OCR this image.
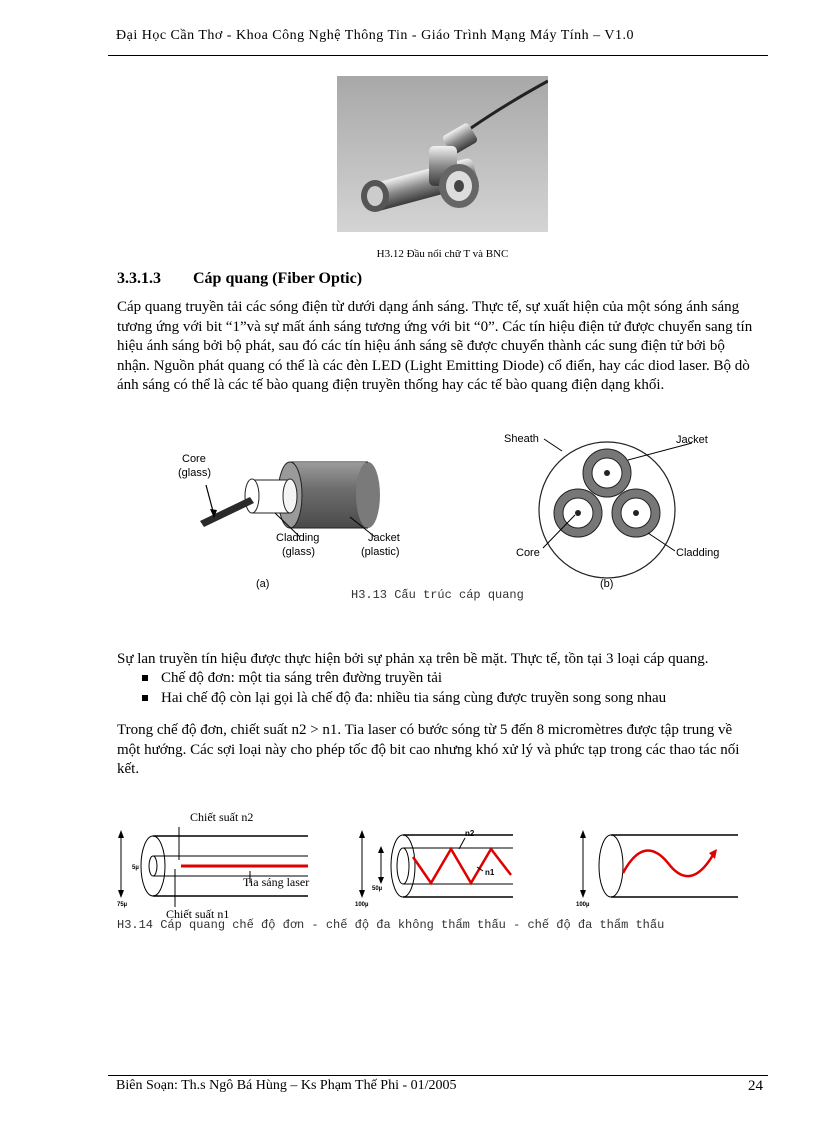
Đại Học Cần Thơ - Khoa Công Nghệ Thông Tin - Giáo Trình Mạng Máy Tính – V1.0
H3.12 Đầu nối chữ T và BNC
3.3.1.3 Cáp quang (Fiber Optic)

Cáp quang truyền tải các sóng điện từ dưới dạng ánh sáng. Thực tế, sự xuất hiện của một sóng ánh sáng tương ứng với bit “1”và sự mất ánh sáng tương ứng với bit “0”. Các tín hiệu điện tử được chuyển sang tín hiệu ánh sáng bởi bộ phát, sau đó các tín hiệu ánh sáng sẽ được chuyển thành các sung điện tử bởi bộ nhận. Nguồn phát quang có thể là các đèn LED (Light Emitting Diode) cổ điển, hay các diod laser. Bộ dò ánh sáng có thể là các tế bào quang điện truyền thống hay các tế bào quang điện dạng khối.

Core
(glass)
Cladding
(glass)
Jacket
(plastic)
(a)
Sheath	Jacket
Core	Cladding
(b)
H3.13 Cấu trúc cáp quang

Sự lan truyền tín hiệu được thực hiện bởi sự phản xạ trên bề mặt. Thực tế, tồn tại 3 loại cáp quang.

Chế độ đơn: một tia sáng trên đường truyền tải
Hai chế độ còn lại gọi là chế độ đa: nhiều tia sáng cùng được truyền song song nhau

Trong chế độ đơn, chiết suất n2 > n1. Tia laser có bước sóng từ 5 đến 8 micromètres được tập trung về một hướng. Các sợi loại này cho phép tốc độ bit cao nhưng khó xử lý và phức tạp trong các thao tác nối kết.

Chiết suất n2
Tia sáng laser
Chiết suất n1
5µ
75µ
n2
n1
50µ
100µ	100µ
H3.14 Cáp quang chế độ đơn - chế độ đa không thẩm thấu - chế độ đa thẩm thấu
Biên Soạn: Th.s Ngô Bá Hùng – Ks Phạm Thế Phi - 01/2005	24
